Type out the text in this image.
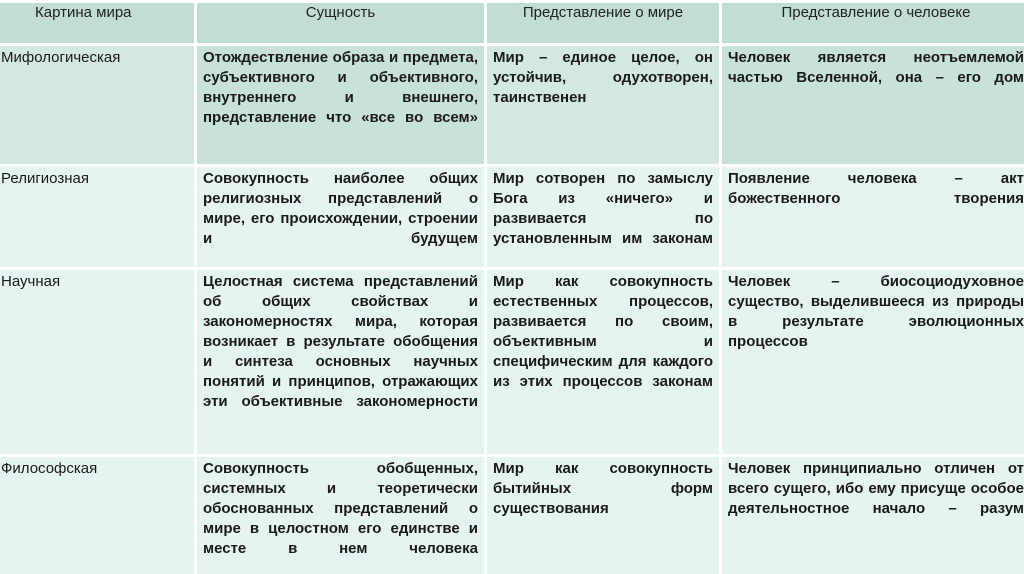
Картина мира	Сущность	Представление о мире	Представление о человеке
Мифологическая	Отождествление образа и предмета, субъективного и объективного, внутреннего и внешнего, представление что «все во всем»	Мир – единое целое, он устойчив, одухотворен, таинственен	Человек является неотъемлемой частью Вселенной, она – его дом
Религиозная	Совокупность наиболее общих религиозных представлений о мире, его происхождении, строении и будущем	Мир сотворен по замыслу Бога из «ничего» и развивается по установленным им законам	Появление человека – акт божественного творения
Научная	Целостная система представлений об общих свойствах и закономерностях мира, которая возникает в результате обобщения и синтеза основных научных понятий и принципов, отражающих эти объективные закономерности	Мир как совокупность естественных процессов, развивается по своим, объективным и специфическим для каждого из этих процессов законам	Человек – биосоциодуховное существо, выделившееся из природы в результате эволюционных процессов
Философская	Совокупность обобщенных, системных и теоретически обоснованных представлений о мире в целостном его единстве и месте в нем человека	Мир как совокупность бытийных форм существования	Человек принципиально отличен от всего сущего, ибо ему присуще особое деятельностное начало – разум
